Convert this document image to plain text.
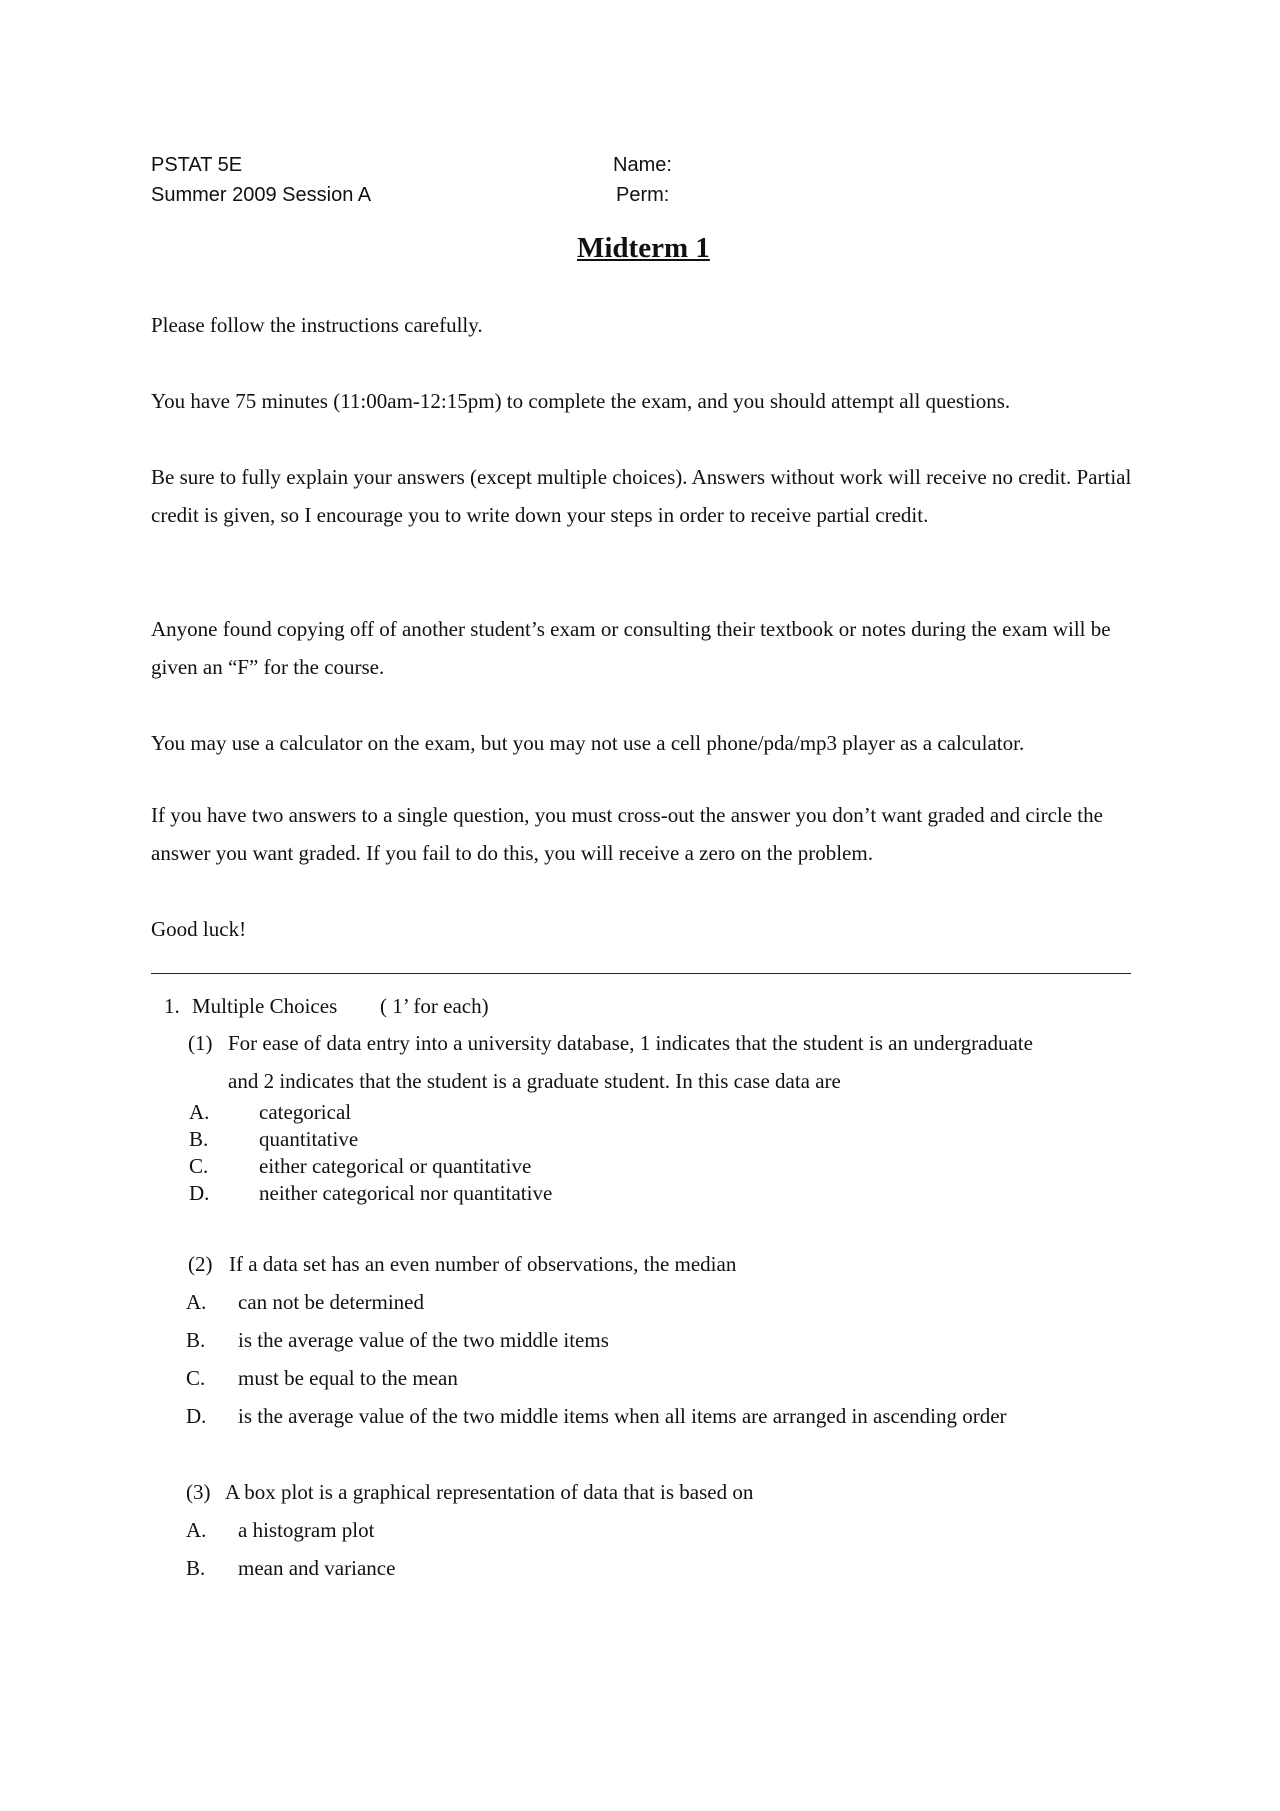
PSTAT 5E
Summer 2009 Session A
Name:
Perm:
Midterm 1
Please follow the instructions carefully.
You have 75 minutes (11:00am-12:15pm) to complete the exam, and you should attempt all questions.
Be sure to fully explain your answers (except multiple choices). Answers without work will receive no credit. Partial credit is given, so I encourage you to write down your steps in order to receive partial credit.
Anyone found copying off of another student’s exam or consulting their textbook or notes during the exam will be given an “F” for the course.
You may use a calculator on the exam, but you may not use a cell phone/pda/mp3 player as a calculator.
If you have two answers to a single question, you must cross-out the answer you don’t want graded and circle the answer you want graded. If you fail to do this, you will receive a zero on the problem.
Good luck!
1. Multiple Choices ( 1’ for each)
(1) For ease of data entry into a university database, 1 indicates that the student is an undergraduate
and 2 indicates that the student is a graduate student. In this case data are
A. categorical
B. quantitative
C. either categorical or quantitative
D. neither categorical nor quantitative
(2) If a data set has an even number of observations, the median
A. can not be determined
B. is the average value of the two middle items
C. must be equal to the mean
D. is the average value of the two middle items when all items are arranged in ascending order
(3) A box plot is a graphical representation of data that is based on
A. a histogram plot
B. mean and variance
